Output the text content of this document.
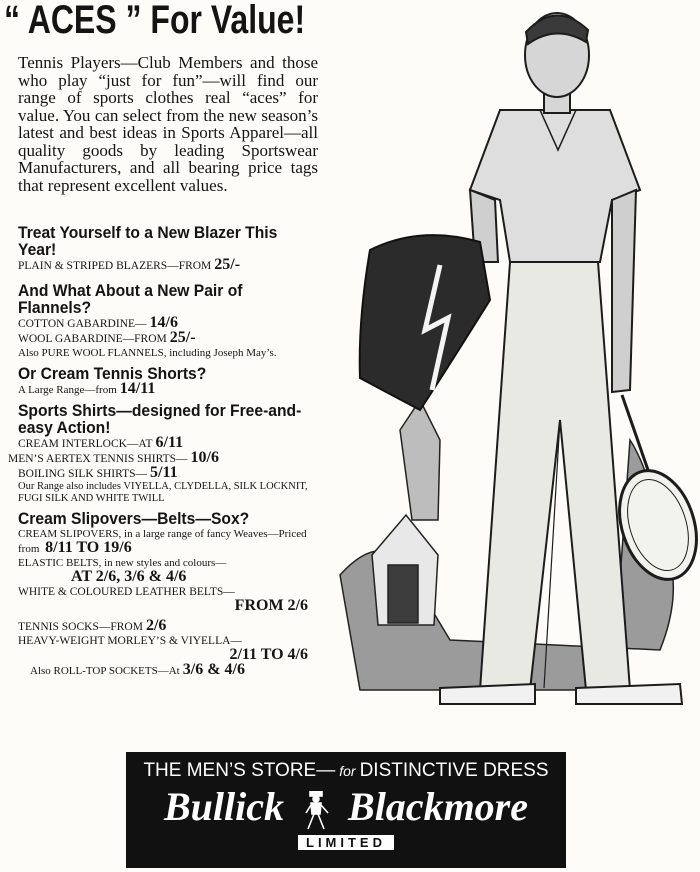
“ ACES ” For Value!

Tennis Players—Club Members and those who play “just for fun”—will find our range of sports clothes real “aces” for value. You can select from the new season’s latest and best ideas in Sports Apparel—all quality goods by leading Sportswear Manufacturers, and all bearing price tags that represent excellent values.

Treat Yourself to a New Blazer This Year!
PLAIN & STRIPED BLAZERS—FROM 25/-
And What About a New Pair of Flannels?
COTTON GABARDINE— 14/6
WOOL GABARDINE—FROM 25/-
Also PURE WOOL FLANNELS, including Joseph May’s.
Or Cream Tennis Shorts?
A Large Range—from 14/11
Sports Shirts—designed for Free-and-easy Action!
CREAM INTERLOCK—AT 6/11
MEN’S AERTEX TENNIS SHIRTS— 10/6
BOILING SILK SHIRTS— 5/11
Our Range also includes VIYELLA, CLYDELLA, SILK LOCKNIT, FUGI SILK AND WHITE TWILL
Cream Slipovers—Belts—Sox?
CREAM SLIPOVERS, in a large range of fancy Weaves—Priced from 8/11 TO 19/6
ELASTIC BELTS, in new styles and colours—
AT 2/6, 3/6 & 4/6
WHITE & COLOURED LEATHER BELTS—
FROM 2/6
TENNIS SOCKS—FROM 2/6
HEAVY-WEIGHT MORLEY’S & VIYELLA—
2/11 TO 4/6
Also ROLL-TOP SOCKETS—At 3/6 & 4/6
THE MEN’S STORE— for DISTINCTIVE DRESS
Bullick Blackmore
LIMITED
